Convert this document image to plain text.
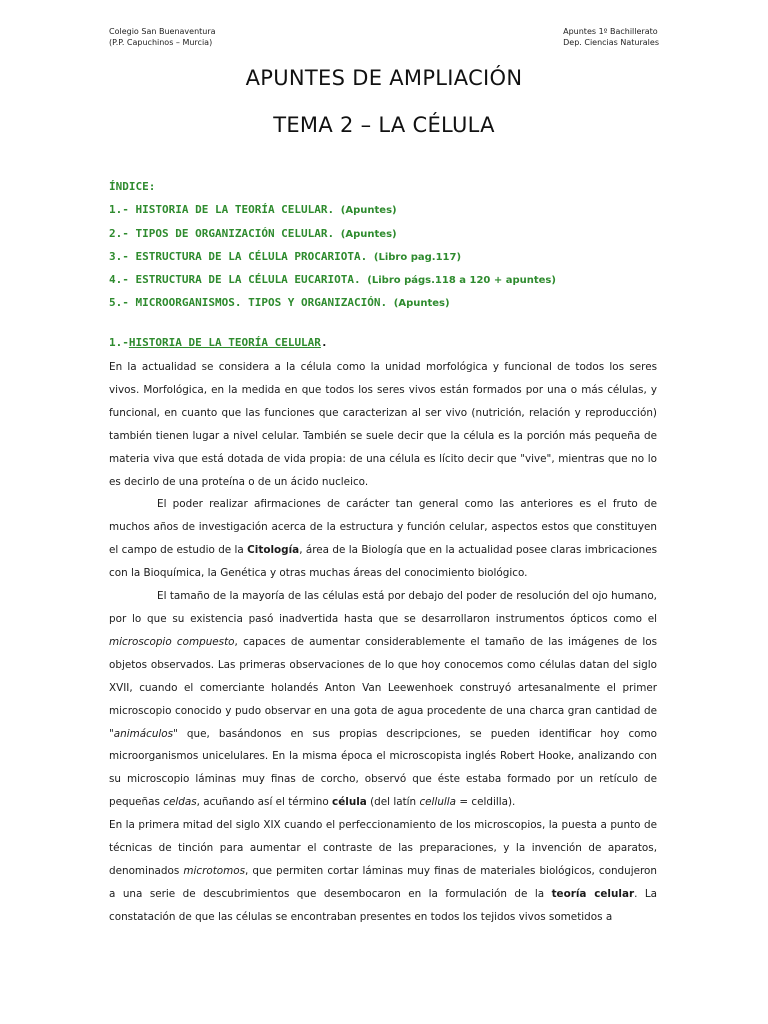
Colegio San Buenaventura
(P.P. Capuchinos – Murcia)
Apuntes 1º Bachillerato
Dep. Ciencias Naturales
APUNTES DE AMPLIACIÓN
TEMA 2 – LA CÉLULA
ÍNDICE:
1.- HISTORIA DE LA TEORÍA CELULAR. (Apuntes)
2.- TIPOS DE ORGANIZACIÓN CELULAR. (Apuntes)
3.- ESTRUCTURA DE LA CÉLULA PROCARIOTA. (Libro pag.117)
4.- ESTRUCTURA DE LA CÉLULA EUCARIOTA. (Libro págs.118 a 120 + apuntes)
5.- MICROORGANISMOS. TIPOS Y ORGANIZACIÓN. (Apuntes)
1.-HISTORIA DE LA TEORÍA CELULAR.

En la actualidad se considera a la célula como la unidad morfológica y funcional de todos los seres vivos. Morfológica, en la medida en que todos los seres vivos están formados por una o más células, y funcional, en cuanto que las funciones que caracterizan al ser vivo (nutrición, relación y reproducción) también tienen lugar a nivel celular. También se suele decir que la célula es la porción más pequeña de materia viva que está dotada de vida propia: de una célula es lícito decir que "vive", mientras que no lo es decirlo de una proteína o de un ácido nucleico.

El poder realizar afirmaciones de carácter tan general como las anteriores es el fruto de muchos años de investigación acerca de la estructura y función celular, aspectos estos que constituyen el campo de estudio de la Citología, área de la Biología que en la actualidad posee claras imbricaciones con la Bioquímica, la Genética y otras muchas áreas del conocimiento biológico.

El tamaño de la mayoría de las células está por debajo del poder de resolución del ojo humano, por lo que su existencia pasó inadvertida hasta que se desarrollaron instrumentos ópticos como el microscopio compuesto, capaces de aumentar considerablemente el tamaño de las imágenes de los objetos observados. Las primeras observaciones de lo que hoy conocemos como células datan del siglo XVII, cuando el comerciante holandés Anton Van Leewenhoek construyó artesanalmente el primer microscopio conocido y pudo observar en una gota de agua procedente de una charca gran cantidad de "animáculos" que, basándonos en sus propias descripciones, se pueden identificar hoy como microorganismos unicelulares. En la misma época el microscopista inglés Robert Hooke, analizando con su microscopio láminas muy finas de corcho, observó que éste estaba formado por un retículo de pequeñas celdas, acuñando así el término célula (del latín cellulla = celdilla).

En la primera mitad del siglo XIX cuando el perfeccionamiento de los microscopios, la puesta a punto de técnicas de tinción para aumentar el contraste de las preparaciones, y la invención de aparatos, denominados microtomos, que permiten cortar láminas muy finas de materiales biológicos, condujeron a una serie de descubrimientos que desembocaron en la formulación de la teoría celular. La constatación de que las células se encontraban presentes en todos los tejidos vivos sometidos a
